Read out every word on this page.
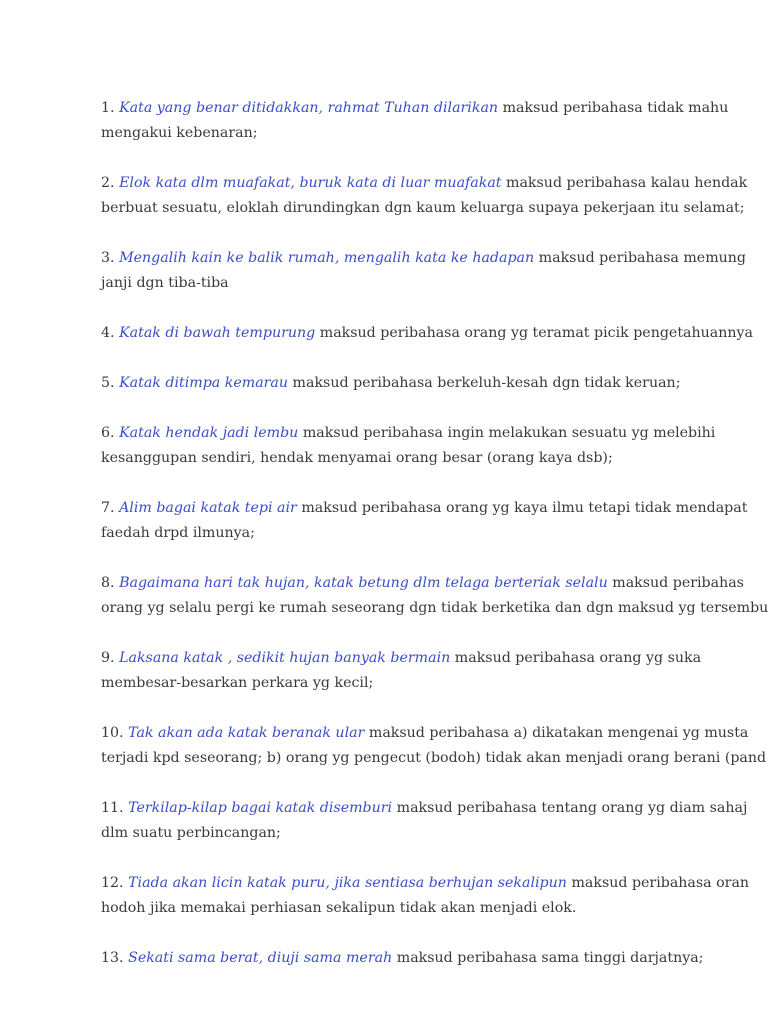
1. Kata yang benar ditidakkan, rahmat Tuhan dilarikan maksud peribahasa tidak mahu
mengakui kebenaran;
2. Elok kata dlm muafakat, buruk kata di luar muafakat maksud peribahasa kalau hendak
berbuat sesuatu, eloklah dirundingkan dgn kaum keluarga supaya pekerjaan itu selamat;
3. Mengalih kain ke balik rumah, mengalih kata ke hadapan maksud peribahasa memung
janji dgn tiba-tiba
4. Katak di bawah tempurung maksud peribahasa orang yg teramat picik pengetahuannya
5. Katak ditimpa kemarau maksud peribahasa berkeluh-kesah dgn tidak keruan;
6. Katak hendak jadi lembu maksud peribahasa ingin melakukan sesuatu yg melebihi
kesanggupan sendiri, hendak menyamai orang besar (orang kaya dsb);
7. Alim bagai katak tepi air maksud peribahasa orang yg kaya ilmu tetapi tidak mendapat
faedah drpd ilmunya;
8. Bagaimana hari tak hujan, katak betung dlm telaga berteriak selalu maksud peribahas
orang yg selalu pergi ke rumah seseorang dgn tidak berketika dan dgn maksud yg tersembu
9. Laksana katak , sedikit hujan banyak bermain maksud peribahasa orang yg suka
membesar-besarkan perkara yg kecil;
10. Tak akan ada katak beranak ular maksud peribahasa a) dikatakan mengenai yg musta
terjadi kpd seseorang; b) orang yg pengecut (bodoh) tidak akan menjadi orang berani (pand
11. Terkilap-kilap bagai katak disemburi maksud peribahasa tentang orang yg diam sahaj
dlm suatu perbincangan;
12. Tiada akan licin katak puru, jika sentiasa berhujan sekalipun maksud peribahasa oran
hodoh jika memakai perhiasan sekalipun tidak akan menjadi elok.
13. Sekati sama berat, diuji sama merah maksud peribahasa sama tinggi darjatnya;
